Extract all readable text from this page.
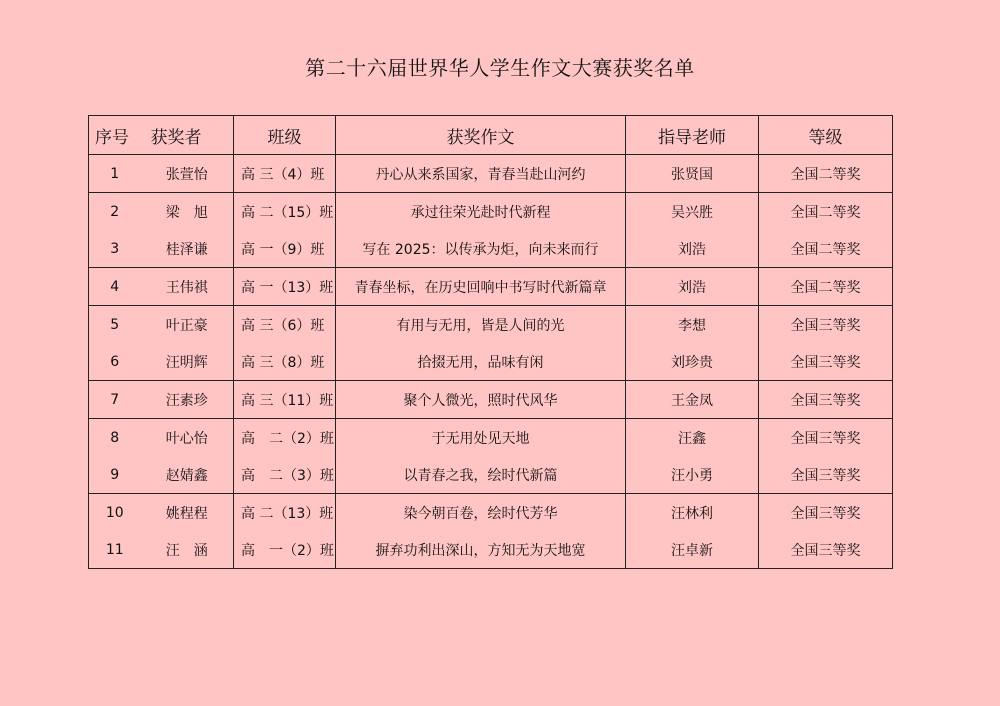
第二十六届世界华人学生作文大赛获奖名单
序号	获奖者	班级	获奖作文	指导老师	等级
1	张萱怡	高 三（4）班	丹心从来系国家，青春当赴山河约	张贤国	全国二等奖
2	梁　旭	高 二（15）班	承过往荣光赴时代新程	吴兴胜	全国二等奖
3	桂泽谦	高 一（9）班	写在 2025：以传承为炬，向未来而行	刘浩	全国二等奖
4	王伟祺	高 一（13）班	青春坐标，在历史回响中书写时代新篇章	刘浩	全国二等奖
5	叶正豪	高 三（6）班	有用与无用，皆是人间的光	李想	全国三等奖
6	汪明辉	高 三（8）班	拾掇无用，品味有闲	刘珍贵	全国三等奖
7	汪素珍	高 三（11）班	聚个人微光，照时代风华	王金凤	全国三等奖
8	叶心怡	高　二（2）班	于无用处见天地	汪鑫	全国三等奖
9	赵婧鑫	高　二（3）班	以青春之我，绘时代新篇	汪小勇	全国三等奖
10	姚程程	高 二（13）班	染今朝百卷，绘时代芳华	汪林利	全国三等奖
11	汪　涵	高　一（2）班	摒弃功利出深山，方知无为天地宽	汪卓新	全国三等奖
